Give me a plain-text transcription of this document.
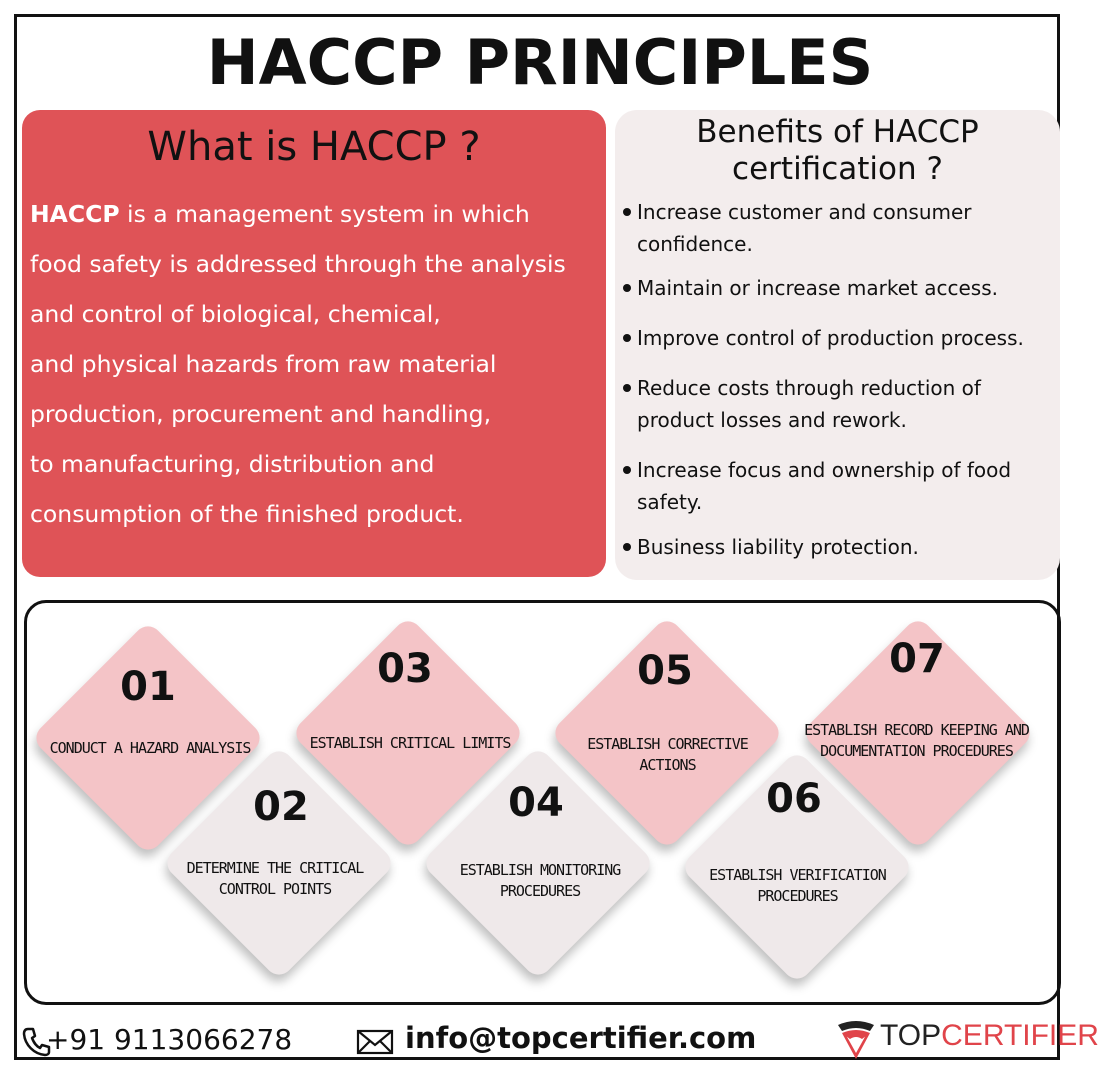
HACCP PRINCIPLES
What is HACCP ?
HACCP is a management system in which
food safety is addressed through the analysis
and control of biological, chemical,
and physical hazards from raw material
production, procurement and handling,
to manufacturing, distribution and
consumption of the finished product.
Benefits of HACCP
certification ?
Increase customer and consumer confidence.
Maintain or increase market access.
Improve control of production process.
Reduce costs through reduction of product losses and rework.
Increase focus and ownership of food safety.
Business liability protection.
01	03	05	07
02	04	06
CONDUCT A HAZARD ANALYSIS	ESTABLISH CRITICAL LIMITS	ESTABLISH CORRECTIVE ACTIONS
ESTABLISH RECORD KEEPING AND DOCUMENTATION PROCEDURES
DETERMINE THE CRITICAL CONTROL POINTS
ESTABLISH MONITORING PROCEDURES
ESTABLISH VERIFICATION PROCEDURES
+91 9113066278	info@topcertifier.com	TOPCERTIFIER
